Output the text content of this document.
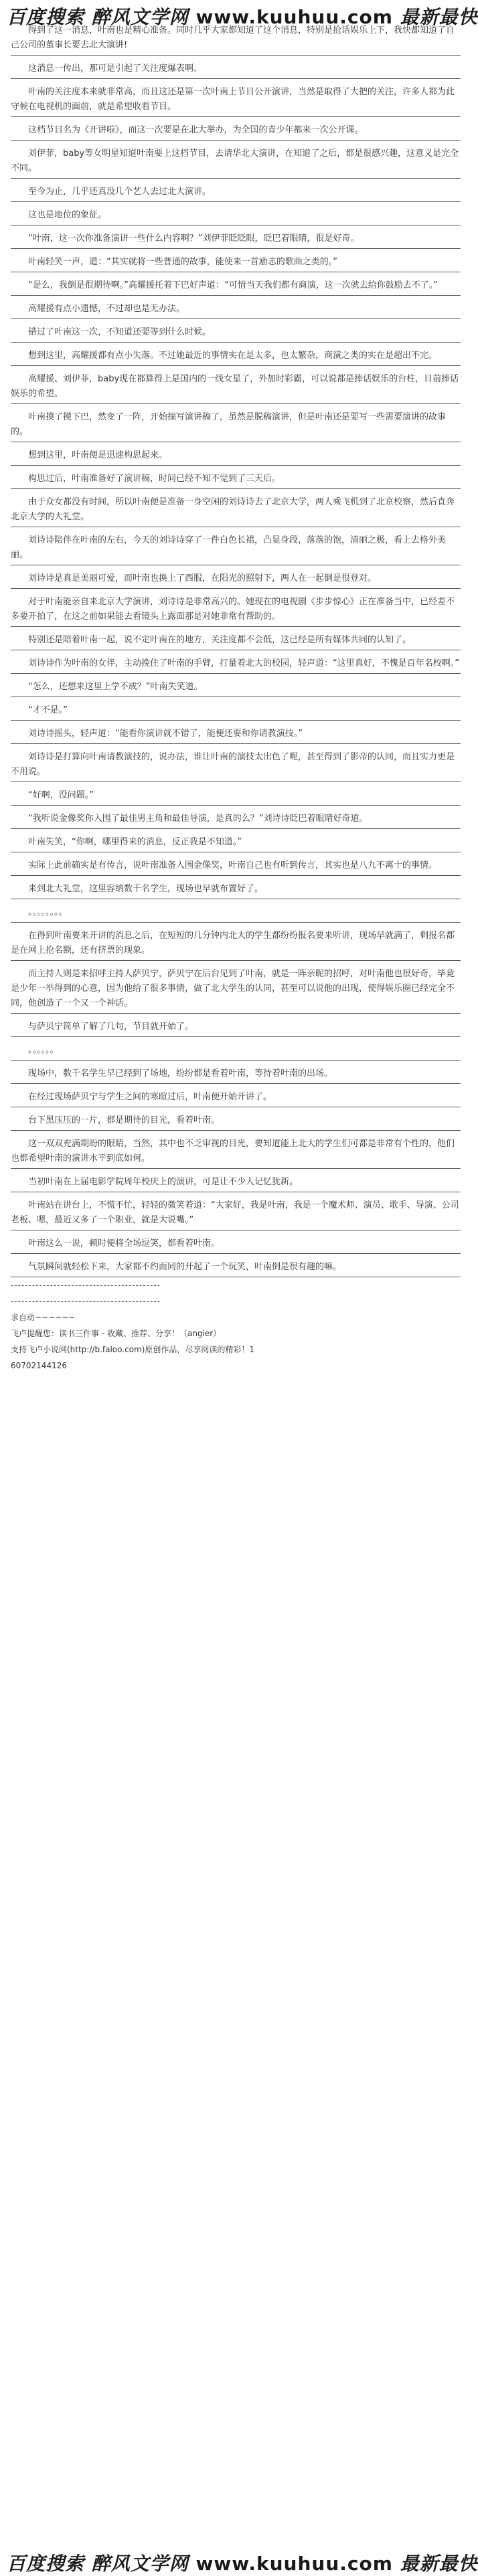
百度搜索 醉风文学网 www.kuuhuu.com 最新最快
得到了这一消息，叶南也是精心准备。同时几乎大家都知道了这个消息，特别是抢话娱乐上下，我快都知道了自己公司的董事长要去北大演讲!
这消息一传出，那可是引起了关注度爆表啊。
叶南的关注度本来就非常高，而且这还是第一次叶南上节目公开演讲，当然是取得了大把的关注，许多人都为此守候在电视机的面前，就是希望收看节目。
这档节目名为《开讲啦》，而这一次要是在北大举办，为全国的青少年都来一次公开课。
刘伊菲，baby等女明星知道叶南要上这档节目，去请华北大演讲，在知道了之后，都是很感兴趣，这意义是完全不同。
至今为止，几乎还真没几个艺人去过北大演讲。
这也是地位的象征。
“叶南，这一次你准备演讲一些什么内容啊？”刘伊菲眨眨眼，眨巴着眼睛，很是好奇。
叶南轻笑一声，道：“其实就将一些普通的故事，能使来一首励志的歌曲之类的。”
“是么，我倒是很期待啊。”高耀援托着下巴好声道：“可惜当天我们都有商演，这一次就去给你鼓励去不了。”
高耀援有点小遗憾，不过却也是无办法。
错过了叶南这一次，不知道还要等到什么时候。
想到这里，高耀援都有点小失落。不过她最近的事情实在是太多，也太繁杂，商演之类的实在是超出不完。
高耀援、刘伊菲，baby现在都算得上是国内的一线女星了，外加时彩霸，可以说都是捧话娱乐的台柱，目前捧话娱乐的希望。
叶南摸了摸下巴，然变了一阵，开始揣写演讲稿了，虽然是脱稿演讲，但是叶南还是要写一些需要演讲的故事的。
想到这里，叶南便是迅速构思起来。
构思过后，叶南准备好了演讲稿，时间已经不知不觉到了三天后。
由于众女都没有时间，所以叶南便是准备一身空闲的刘诗诗去了北京大学，两人乘飞机到了北京校察，然后直奔北京大学的大礼堂。
刘诗诗陪伴在叶南的左右，今天的刘诗诗穿了一件白色长裙，凸显身段，落落的饱，清丽之极，看上去格外美丽。
刘诗诗是真是美丽可爱，而叶南也换上了西服，在阳光的照射下，两人在一起倒是很登对。
对于叶南能亲自来北京大学演讲，刘诗诗是非常高兴的。她现在的电视剧《步步惊心》正在准备当中，已经差不多要开拍了，在这之前如果能去看镜头上露面那是对她非常有帮助的。
特别还是陪着叶南一起，说不定叶南在的地方，关注度都不会低，这已经是所有媒体共同的认知了。
刘诗诗作为叶南的女伴，主动挽住了叶南的手臂，打量着北大的校园，轻声道：“这里真好，不愧是百年名校啊。”
“怎么，还想来这里上学不成？”叶南失笑道。
“才不是。”
刘诗诗摇头，轻声道：“能看你演讲就不错了，能便还要和你请教演技。”
刘诗诗是打算向叶南请教演技的，说办法，谁让叶南的演技太出色了呢，甚至得到了影帝的认同，而且实力更是不用说。
“好啊，没问题。”
“我听说金像奖你入围了最佳男主角和最佳导演，是真的么？”刘诗诗眨巴着眼睛好奇道。
叶南失笑，“你啊，哪里得来的消息，反正我是不知道。”
实际上此前确实是有传言，说叶南准备入围金像奖，叶南自己也有听到传言，其实也是八九不离十的事情。
来到北大礼堂，这里容纳数千名学生，现场也早就布置好了。
。。。。。。。。
在得到叶南要来开讲的消息之后，在短短的几分钟内北大的学生都纷纷报名要来听讲，现场早就满了，剩报名都是在网上抢名额，还有挤票的现象。
而主持人则是来招呼主持人萨贝宁，萨贝宁在后台见到了叶南，就是一阵亲昵的招呼，对叶南他也很好奇，毕竟是少年一举得到的心意，因为他给了很多事情，做了北大学生的认同，甚至可以说他的出现，使得娱乐圈已经完全不同，他创造了一个又一个神话。
与萨贝宁简单了解了几句，节目就开始了。
。。。。。。
现场中，数千名学生早已经到了场地，纷纷都是看着叶南，等待着叶南的出场。
在经过现场萨贝宁与学生之间的寒暄过后，叶南便开始开讲了。
台下黑压压的一片，都是期待的目光，看着叶南。
这一双双充满期盼的眼睛，当然，其中也不乏审视的目光，要知道能上北大的学生们可都是非常有个性的，他们也都希望叶南的演讲水平到底如何。
当初叶南在上届电影学院周年校庆上的演讲，可是让不少人记忆犹新。
叶南站在讲台上，不慌不忙，轻轻的微笑着道：“大家好，我是叶南，我是一个魔术师、演员、歌手、导演、公司老板、嗯，最近又多了一个职业，就是大说嘴。”
叶南这么一说，顿时便将全场逗笑，都看着叶南。
气氛瞬间就轻松下来，大家都不约而同的开起了一个玩笑，叶南倒是很有趣的嘛。
------------------------------------------
------------------------------------------
求自动~~~~~~
飞卢提醒您：读书三件事 - 收藏、推荐、分享！（angier）
支持飞卢小说网(http://b.faloo.com)原创作品，尽享阅读的精彩！1
60702144126
百度搜索 醉风文学网 www.kuuhuu.com 最新最快
